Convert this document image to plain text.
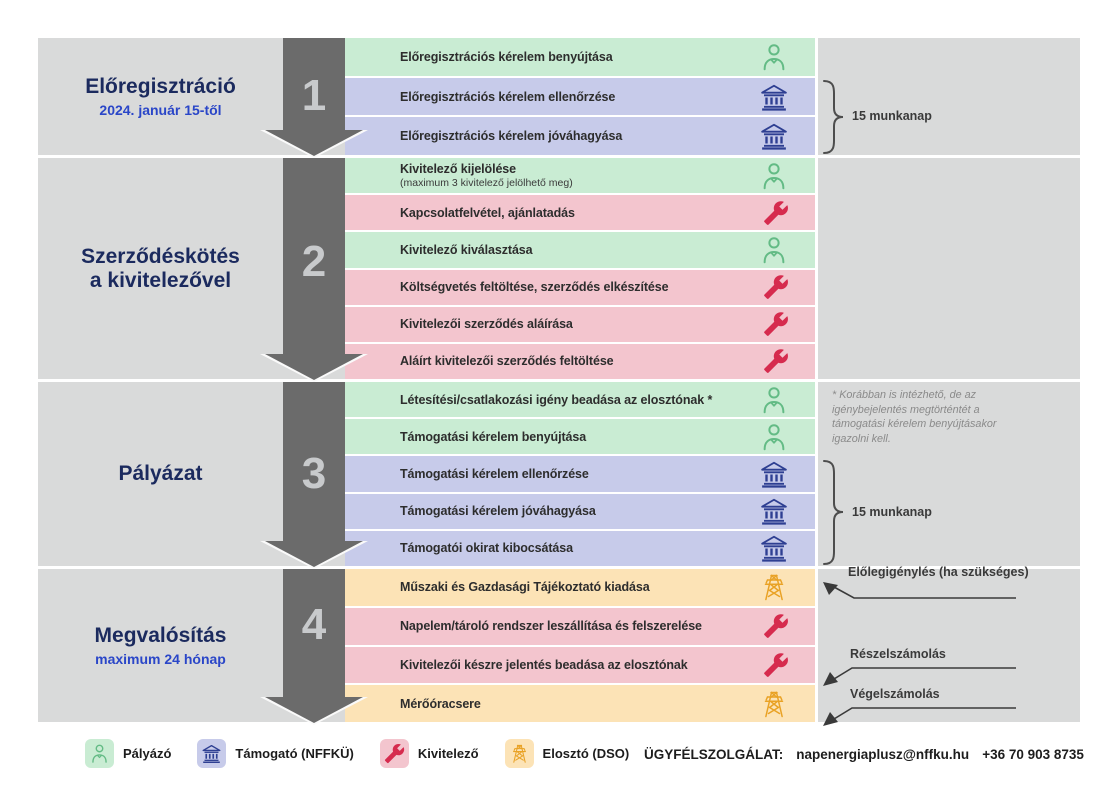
Előregisztráció
2024. január 15-től	1
Előregisztrációs kérelem benyújtása
Előregisztrációs kérelem ellenőrzése
Előregisztrációs kérelem jóváhagyása
15 munkanap
Szerződéskötés a kivitelezővel	2
Kivitelező kijelölése
(maximum 3 kivitelező jelölhető meg)
Kapcsolatfelvétel, ajánlatadás
Kivitelező kiválasztása
Költségvetés feltöltése, szerződés elkészítése
Kivitelezői szerződés aláírása
Aláírt kivitelezői szerződés feltöltése
Pályázat	3
Létesítési/csatlakozási igény beadása az elosztónak *
Támogatási kérelem benyújtása
Támogatási kérelem ellenőrzése
Támogatási kérelem jóváhagyása
Támogatói okirat kibocsátása
* Korábban is intézhető, de az igénybejelentés megtörténtét a támogatási kérelem benyújtásakor igazolni kell.
15 munkanap
Megvalósítás
maximum 24 hónap
4
Műszaki és Gazdasági Tájékoztató kiadása
Napelem/tároló rendszer leszállítása és felszerelése
Kivitelezői készre jelentés beadása az elosztónak
Mérőóracsere
Előlegigénylés (ha szükséges)
Részelszámolás
Végelszámolás
Pályázó	Támogató (NFFKÜ)	Kivitelező	Elosztó (DSO) ÜGYFÉLSZOLGÁLAT: napenergiaplusz@nffku.hu +36 70 903 8735
